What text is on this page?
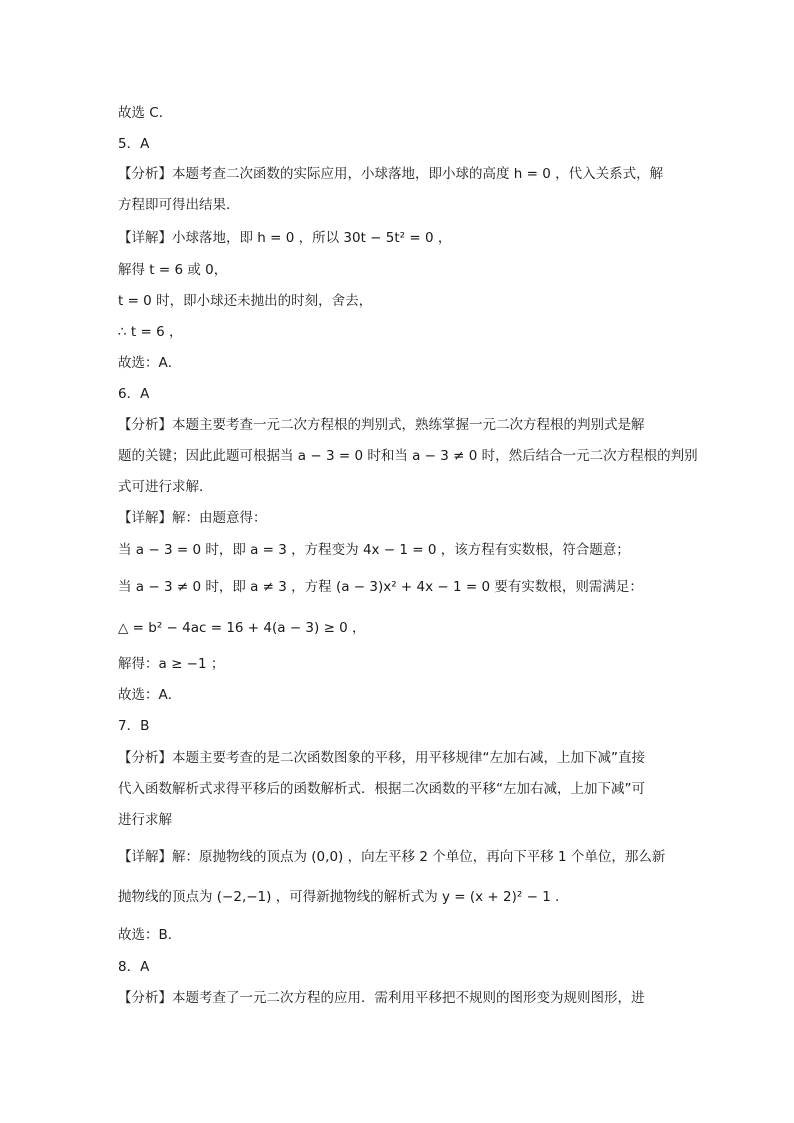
故选 C．
5．A
【分析】本题考查二次函数的实际应用，小球落地，即小球的高度 h = 0 ，代入关系式，解
方程即可得出结果．
【详解】小球落地，即 h = 0 ，所以 30t − 5t² = 0 ，
解得 t = 6 或 0，
t = 0 时，即小球还未抛出的时刻，舍去，
∴ t = 6 ，
故选：A．
6．A
【分析】本题主要考查一元二次方程根的判别式，熟练掌握一元二次方程根的判别式是解
题的关键；因此此题可根据当 a − 3 = 0 时和当 a − 3 ≠ 0 时，然后结合一元二次方程根的判别
式可进行求解．
【详解】解：由题意得：
当 a − 3 = 0 时，即 a = 3 ，方程变为 4x − 1 = 0 ，该方程有实数根，符合题意；
当 a − 3 ≠ 0 时，即 a ≠ 3 ，方程 (a − 3)x² + 4x − 1 = 0 要有实数根，则需满足：
△ = b² − 4ac = 16 + 4(a − 3) ≥ 0 ，
解得：a ≥ −1 ；
故选：A．
7．B
【分析】本题主要考查的是二次函数图象的平移，用平移规律“左加右减，上加下减”直接
代入函数解析式求得平移后的函数解析式．根据二次函数的平移“左加右减，上加下减”可
进行求解
【详解】解：原抛物线的顶点为 (0,0) ，向左平移 2 个单位，再向下平移 1 个单位，那么新
抛物线的顶点为 (−2,−1) ，可得新抛物线的解析式为 y = (x + 2)² − 1 ．
故选：B．
8．A
【分析】本题考查了一元二次方程的应用．需利用平移把不规则的图形变为规则图形，进
